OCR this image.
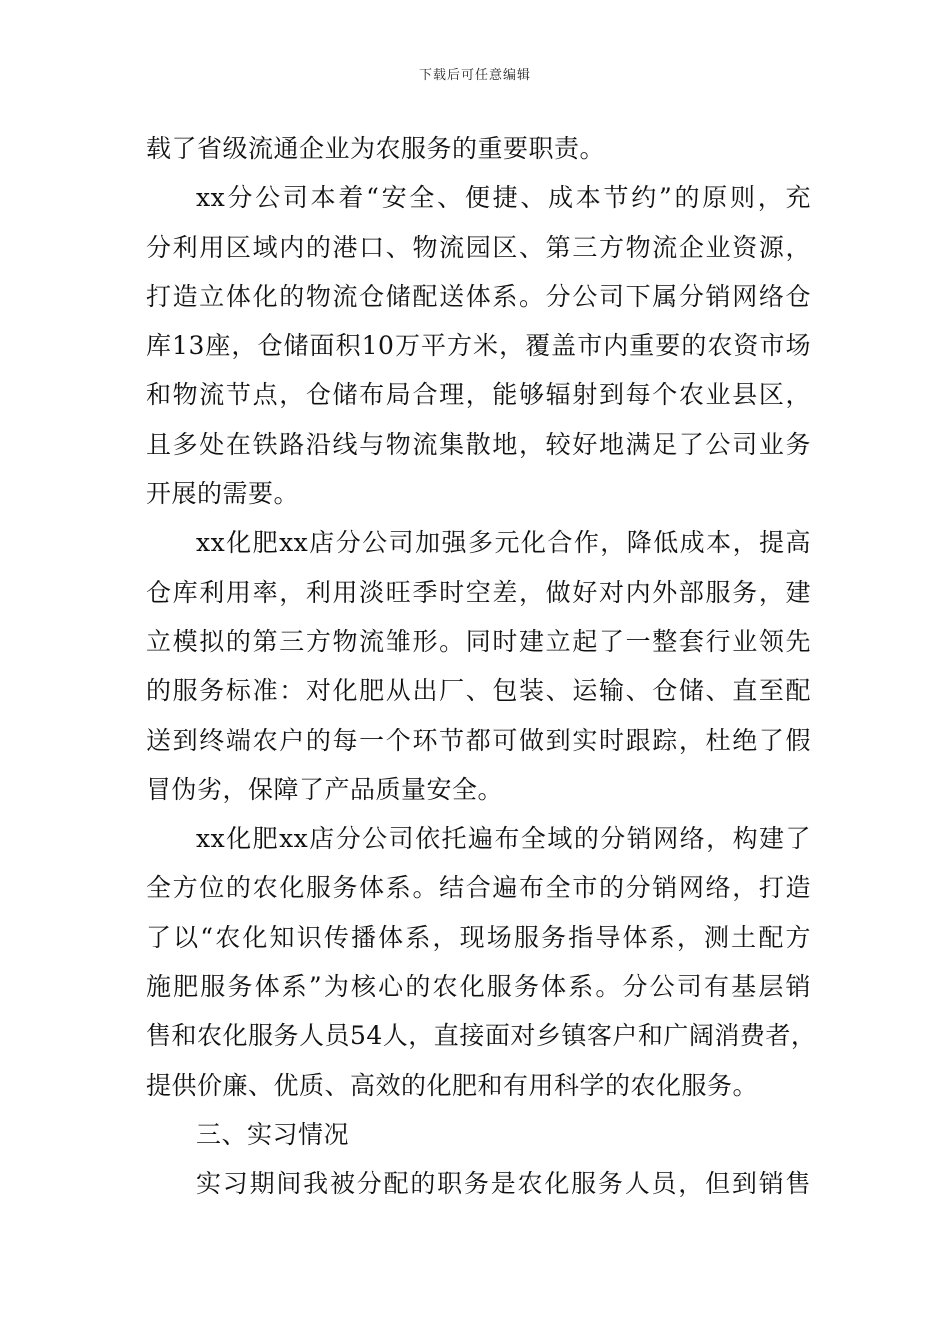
下载后可任意编辑
载了省级流通企业为农服务的重要职责。
xx分公司本着“安全、便捷、成本节约”的原则，充
分利用区域内的港口、物流园区、第三方物流企业资源，
打造立体化的物流仓储配送体系。分公司下属分销网络仓
库13座，仓储面积10万平方米，覆盖市内重要的农资市场
和物流节点，仓储布局合理，能够辐射到每个农业县区，
且多处在铁路沿线与物流集散地，较好地满足了公司业务
开展的需要。
xx化肥xx店分公司加强多元化合作，降低成本，提高
仓库利用率，利用淡旺季时空差，做好对内外部服务，建
立模拟的第三方物流雏形。同时建立起了一整套行业领先
的服务标准：对化肥从出厂、包装、运输、仓储、直至配
送到终端农户的每一个环节都可做到实时跟踪，杜绝了假
冒伪劣，保障了产品质量安全。
xx化肥xx店分公司依托遍布全域的分销网络，构建了
全方位的农化服务体系。结合遍布全市的分销网络，打造
了以“农化知识传播体系，现场服务指导体系，测土配方
施肥服务体系”为核心的农化服务体系。分公司有基层销
售和农化服务人员54人，直接面对乡镇客户和广阔消费者，
提供价廉、优质、高效的化肥和有用科学的农化服务。
三、实习情况
实习期间我被分配的职务是农化服务人员，但到销售
